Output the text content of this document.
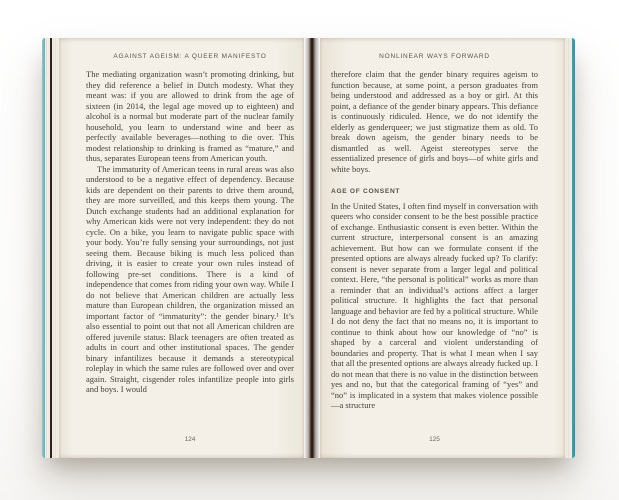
AGAINST AGEISM: A QUEER MANIFESTO

The mediating organization wasn’t promoting drinking, but they did reference a belief in Dutch modesty. What they meant was: if you are allowed to drink from the age of sixteen (in 2014, the legal age moved up to eighteen) and alcohol is a normal but moderate part of the nuclear family household, you learn to understand wine and beer as perfectly available beverages—nothing to die over. This modest relationship to drinking is framed as “mature,” and thus, separates European teens from American youth.

The immaturity of American teens in rural areas was also understood to be a negative effect of dependency. Because kids are dependent on their parents to drive them around, they are more surveilled, and this keeps them young. The Dutch exchange students had an additional explanation for why American kids were not very independent: they do not cycle. On a bike, you learn to navigate public space with your body. You’re fully sensing your surroundings, not just seeing them. Because biking is much less policed than driving, it is easier to create your own rules instead of following pre-set conditions. There is a kind of independence that comes from riding your own way. While I do not believe that American children are actually less mature than European children, the organization missed an important factor of “immaturity”: the gender binary.¹ It’s also essential to point out that not all American children are offered juvenile status: Black teenagers are often treated as adults in court and other institutional spaces. The gender binary infantilizes because it demands a stereotypical roleplay in which the same rules are followed over and over again. Straight, cisgender roles infantilize people into girls and boys. I would

124
NONLINEAR WAYS FORWARD

therefore claim that the gender binary requires ageism to function because, at some point, a person graduates from being understood and addressed as a boy or girl. At this point, a defiance of the gender binary appears. This defiance is continuously ridiculed. Hence, we do not identify the elderly as genderqueer; we just stigmatize them as old. To break down ageism, the gender binary needs to be dismantled as well. Ageist stereotypes serve the essentialized presence of girls and boys—of white girls and white boys.

AGE OF CONSENT

In the United States, I often find myself in conversation with queers who consider consent to be the best possible practice of exchange. Enthusiastic consent is even better. Within the current structure, interpersonal consent is an amazing achievement. But how can we formulate consent if the presented options are always already fucked up? To clarify: consent is never separate from a larger legal and political context. Here, “the personal is political” works as more than a reminder that an individual’s actions affect a larger political structure. It highlights the fact that personal language and behavior are fed by a political structure. While I do not deny the fact that no means no, it is important to continue to think about how our knowledge of “no” is shaped by a carceral and violent understanding of boundaries and property. That is what I mean when I say that all the presented options are always already fucked up. I do not mean that there is no value in the distinction between yes and no, but that the categorical framing of “yes” and “no” is implicated in a system that makes violence possible—a structure

125
